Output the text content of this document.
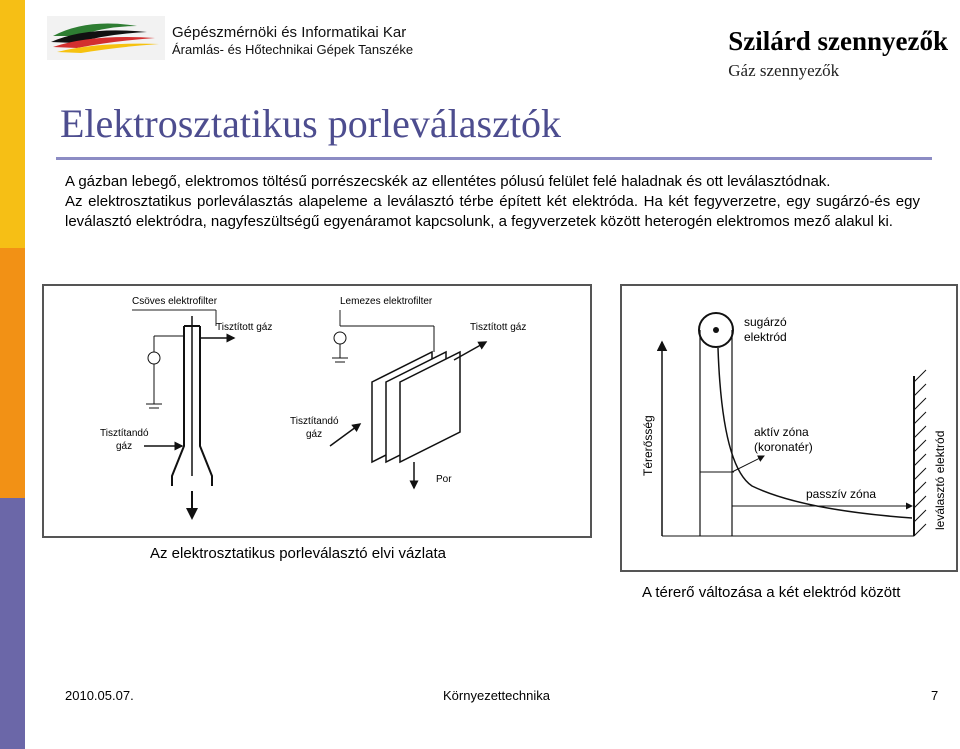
Gépészmérnöki és Informatikai Kar
Áramlás- és Hőtechnikai Gépek Tanszéke	Szilárd szennyezők
Gáz szennyezők
Elektrosztatikus porleválasztók

A gázban lebegő, elektromos töltésű porrészecskék az ellentétes pólusú felület felé haladnak és ott leválasztódnak.

Az elektrosztatikus porleválasztás alapeleme a leválasztó térbe épített két elektróda. Ha két fegyverzetre, egy sugárzó-és egy leválasztó elektródra, nagyfeszültségű egyenáramot kapcsolunk, a fegyverzetek között heterogén elektromos mező alakul ki.

Csöves elektrofilter
Tisztított gáz
Tisztítandó
gáz
Lemezes elektrofilter
Tisztított gáz
Tisztítandó
gáz
Por
Térerősség
sugárzó
elektród
leválasztó elektród
aktív zóna
(koronatér)
passzív zóna
Az elektrosztatikus porleválasztó elvi vázlata
A térerő változása a két elektród között
2010.05.07.	Környezettechnika	7
